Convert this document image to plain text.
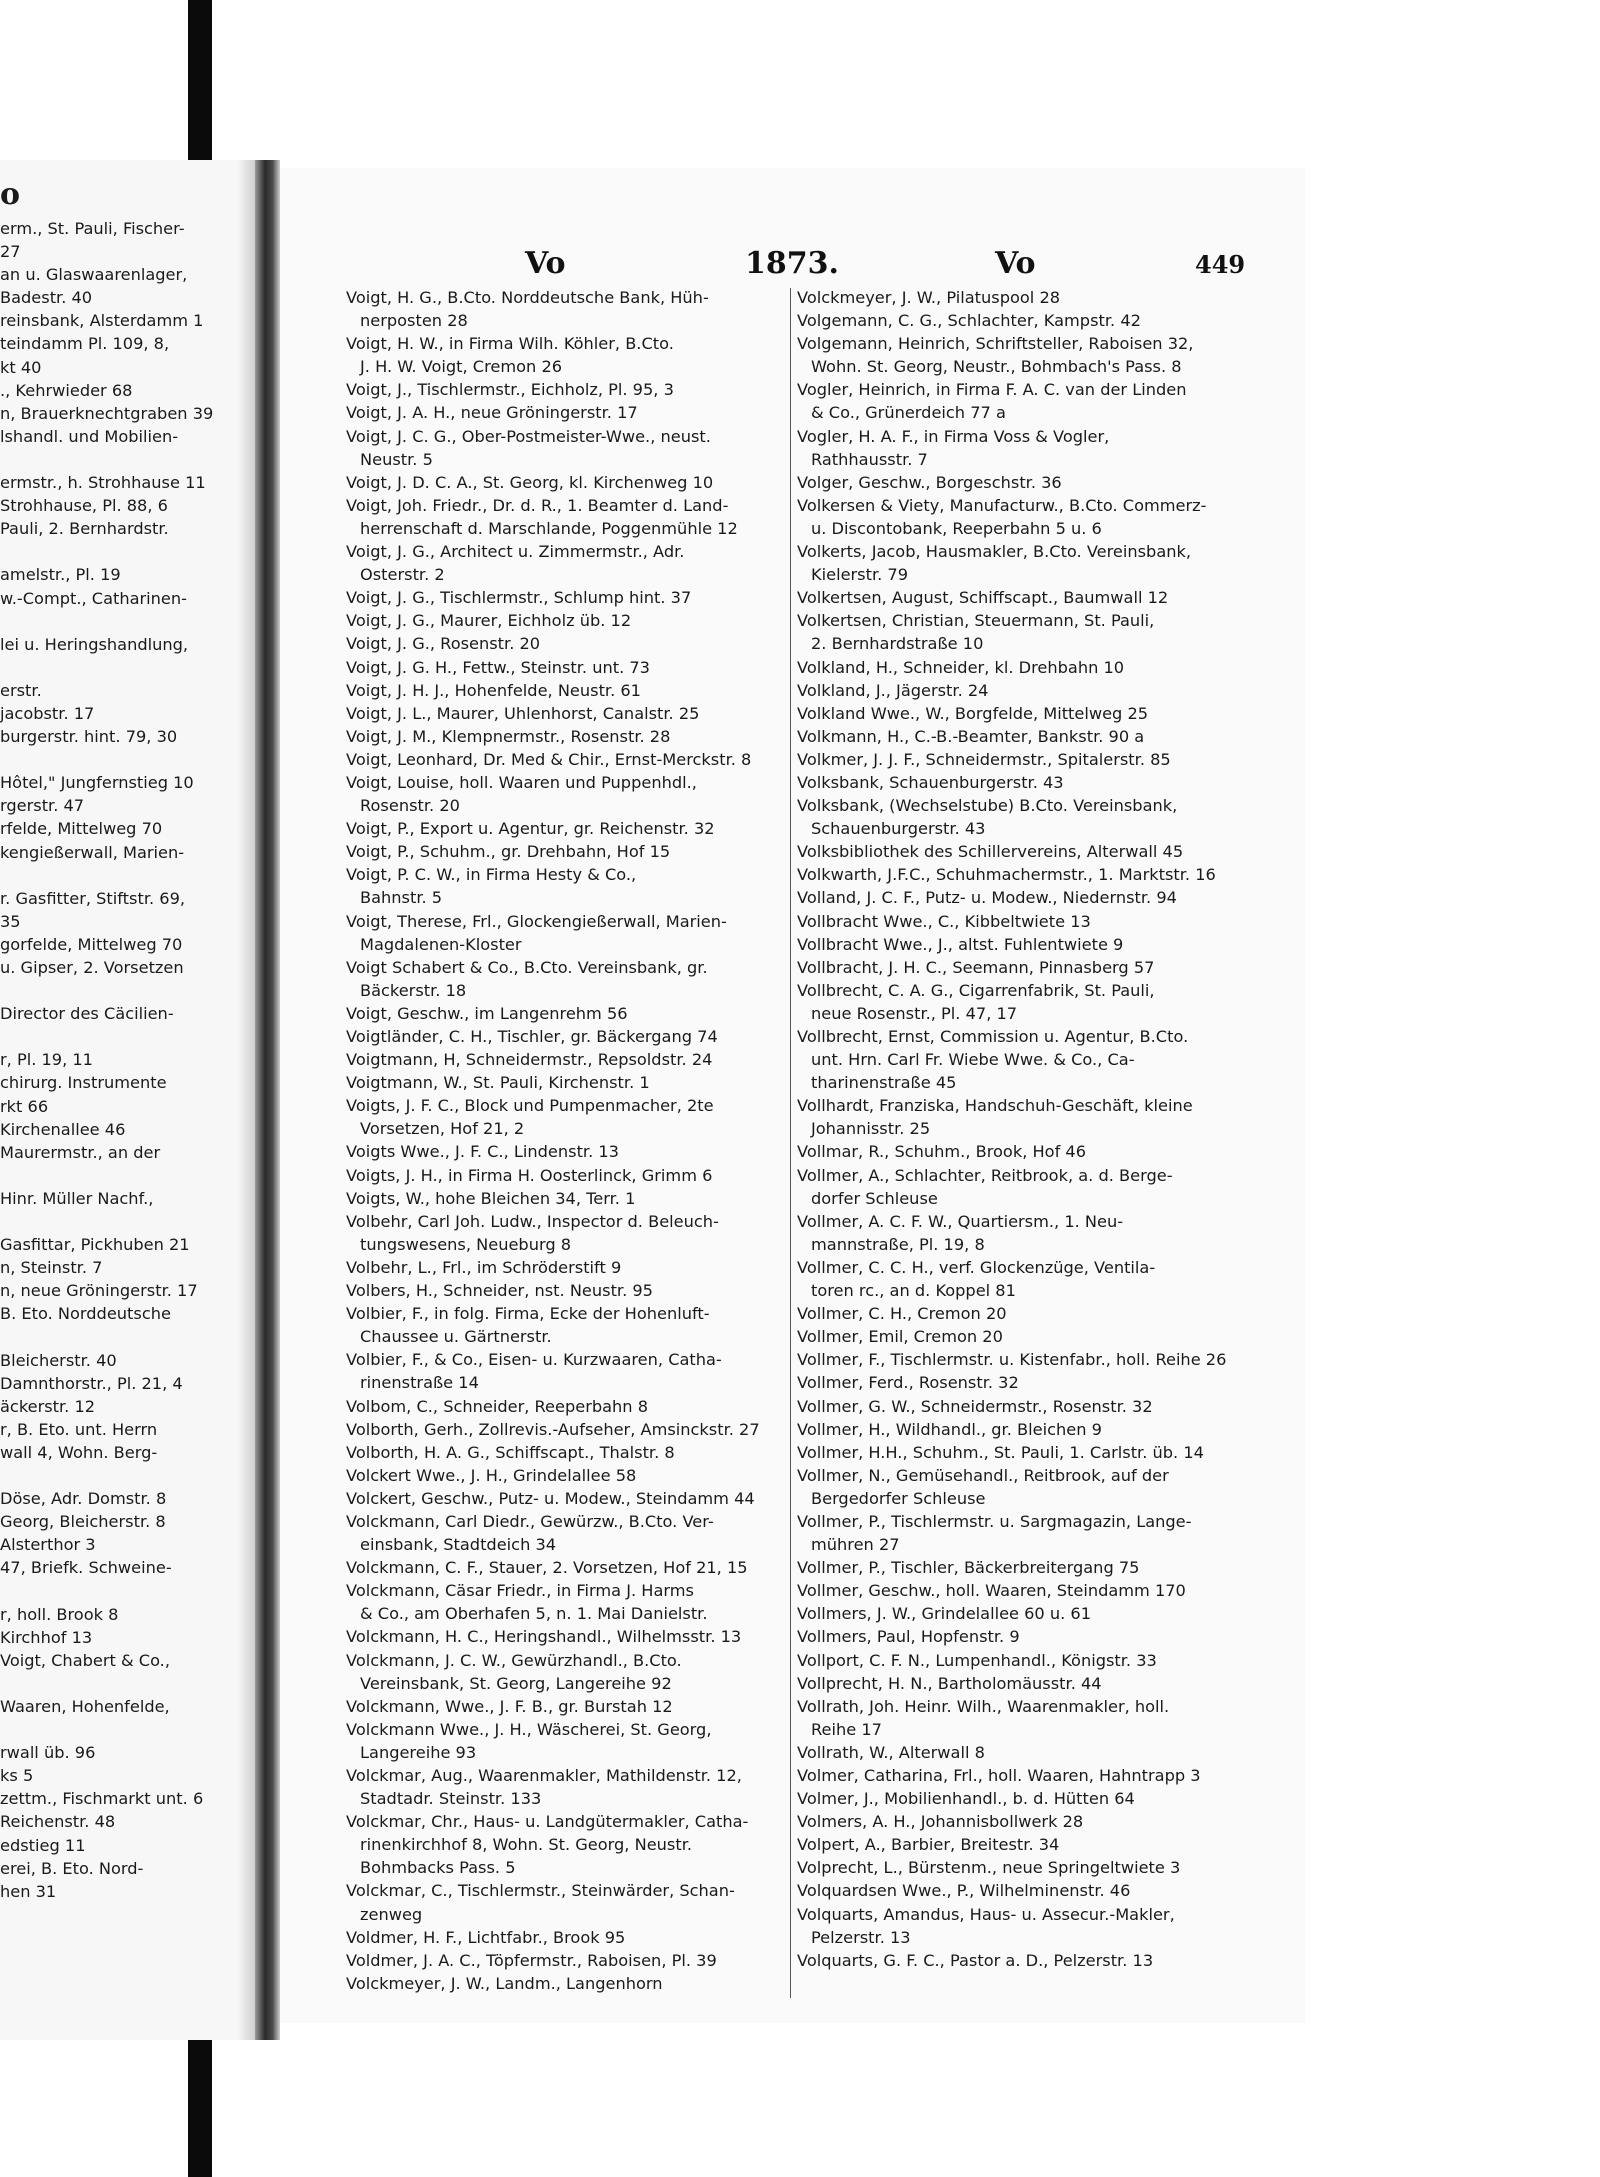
o
erm., St. Pauli, Fischer-
27
an u. Glaswaarenlager,
Badestr. 40
reinsbank, Alsterdamm 1
teindamm Pl. 109, 8,
kt 40
., Kehrwieder 68
n, Brauerknechtgraben 39
lshandl. und Mobilien-
ermstr., h. Strohhause 11
Strohhause, Pl. 88, 6
Pauli, 2. Bernhardstr.
amelstr., Pl. 19
w.-Compt., Catharinen-
lei u. Heringshandlung,
erstr.
jacobstr. 17
burgerstr. hint. 79, 30
Hôtel," Jungfernstieg 10
rgerstr. 47
rfelde, Mittelweg 70
kengießerwall, Marien-
r. Gasfitter, Stiftstr. 69,
35
gorfelde, Mittelweg 70
u. Gipser, 2. Vorsetzen
Director des Cäcilien-
r, Pl. 19, 11
chirurg. Instrumente
rkt 66
Kirchenallee 46
Maurermstr., an der
Hinr. Müller Nachf.,
Gasfittar, Pickhuben 21
n, Steinstr. 7
n, neue Gröningerstr. 17
B. Eto. Norddeutsche
Bleicherstr. 40
Damnthorstr., Pl. 21, 4
äckerstr. 12
r, B. Eto. unt. Herrn
wall 4, Wohn. Berg-
Döse, Adr. Domstr. 8
Georg, Bleicherstr. 8
Alsterthor 3
47, Briefk. Schweine-
r, holl. Brook 8
Kirchhof 13
Voigt, Chabert & Co.,
Waaren, Hohenfelde,
rwall üb. 96
ks 5
zettm., Fischmarkt unt. 6
Reichenstr. 48
edstieg 11
erei, B. Eto. Nord-
hen 31
Vo	1873.	Vo	449
Voigt, H. G., B.Cto. Norddeutsche Bank, Hüh-
nerposten 28
Voigt, H. W., in Firma Wilh. Köhler, B.Cto.
J. H. W. Voigt, Cremon 26
Voigt, J., Tischlermstr., Eichholz, Pl. 95, 3
Voigt, J. A. H., neue Gröningerstr. 17
Voigt, J. C. G., Ober-Postmeister-Wwe., neust.
Neustr. 5
Voigt, J. D. C. A., St. Georg, kl. Kirchenweg 10
Voigt, Joh. Friedr., Dr. d. R., 1. Beamter d. Land-
herrenschaft d. Marschlande, Poggenmühle 12
Voigt, J. G., Architect u. Zimmermstr., Adr.
Osterstr. 2
Voigt, J. G., Tischlermstr., Schlump hint. 37
Voigt, J. G., Maurer, Eichholz üb. 12
Voigt, J. G., Rosenstr. 20
Voigt, J. G. H., Fettw., Steinstr. unt. 73
Voigt, J. H. J., Hohenfelde, Neustr. 61
Voigt, J. L., Maurer, Uhlenhorst, Canalstr. 25
Voigt, J. M., Klempnermstr., Rosenstr. 28
Voigt, Leonhard, Dr. Med & Chir., Ernst-Merckstr. 8
Voigt, Louise, holl. Waaren und Puppenhdl.,
Rosenstr. 20
Voigt, P., Export u. Agentur, gr. Reichenstr. 32
Voigt, P., Schuhm., gr. Drehbahn, Hof 15
Voigt, P. C. W., in Firma Hesty & Co.,
Bahnstr. 5
Voigt, Therese, Frl., Glockengießerwall, Marien-
Magdalenen-Kloster
Voigt Schabert & Co., B.Cto. Vereinsbank, gr.
Bäckerstr. 18
Voigt, Geschw., im Langenrehm 56
Voigtländer, C. H., Tischler, gr. Bäckergang 74
Voigtmann, H, Schneidermstr., Repsoldstr. 24
Voigtmann, W., St. Pauli, Kirchenstr. 1
Voigts, J. F. C., Block und Pumpenmacher, 2te
Vorsetzen, Hof 21, 2
Voigts Wwe., J. F. C., Lindenstr. 13
Voigts, J. H., in Firma H. Oosterlinck, Grimm 6
Voigts, W., hohe Bleichen 34, Terr. 1
Volbehr, Carl Joh. Ludw., Inspector d. Beleuch-
tungswesens, Neueburg 8
Volbehr, L., Frl., im Schröderstift 9
Volbers, H., Schneider, nst. Neustr. 95
Volbier, F., in folg. Firma, Ecke der Hohenluft-
Chaussee u. Gärtnerstr.
Volbier, F., & Co., Eisen- u. Kurzwaaren, Catha-
rinenstraße 14
Volbom, C., Schneider, Reeperbahn 8
Volborth, Gerh., Zollrevis.-Aufseher, Amsinckstr. 27
Volborth, H. A. G., Schiffscapt., Thalstr. 8
Volckert Wwe., J. H., Grindelallee 58
Volckert, Geschw., Putz- u. Modew., Steindamm 44
Volckmann, Carl Diedr., Gewürzw., B.Cto. Ver-
einsbank, Stadtdeich 34
Volckmann, C. F., Stauer, 2. Vorsetzen, Hof 21, 15
Volckmann, Cäsar Friedr., in Firma J. Harms
& Co., am Oberhafen 5, n. 1. Mai Danielstr.
Volckmann, H. C., Heringshandl., Wilhelmsstr. 13
Volckmann, J. C. W., Gewürzhandl., B.Cto.
Vereinsbank, St. Georg, Langereihe 92
Volckmann, Wwe., J. F. B., gr. Burstah 12
Volckmann Wwe., J. H., Wäscherei, St. Georg,
Langereihe 93
Volckmar, Aug., Waarenmakler, Mathildenstr. 12,
Stadtadr. Steinstr. 133
Volckmar, Chr., Haus- u. Landgütermakler, Catha-
rinenkirchhof 8, Wohn. St. Georg, Neustr.
Bohmbacks Pass. 5
Volckmar, C., Tischlermstr., Steinwärder, Schan-
zenweg
Voldmer, H. F., Lichtfabr., Brook 95
Voldmer, J. A. C., Töpfermstr., Raboisen, Pl. 39
Volckmeyer, J. W., Landm., Langenhorn
Volckmeyer, J. W., Pilatuspool 28
Volgemann, C. G., Schlachter, Kampstr. 42
Volgemann, Heinrich, Schriftsteller, Raboisen 32,
Wohn. St. Georg, Neustr., Bohmbach's Pass. 8
Vogler, Heinrich, in Firma F. A. C. van der Linden
& Co., Grünerdeich 77 a
Vogler, H. A. F., in Firma Voss & Vogler,
Rathhausstr. 7
Volger, Geschw., Borgeschstr. 36
Volkersen & Viety, Manufacturw., B.Cto. Commerz-
u. Discontobank, Reeperbahn 5 u. 6
Volkerts, Jacob, Hausmakler, B.Cto. Vereinsbank,
Kielerstr. 79
Volkertsen, August, Schiffscapt., Baumwall 12
Volkertsen, Christian, Steuermann, St. Pauli,
2. Bernhardstraße 10
Volkland, H., Schneider, kl. Drehbahn 10
Volkland, J., Jägerstr. 24
Volkland Wwe., W., Borgfelde, Mittelweg 25
Volkmann, H., C.-B.-Beamter, Bankstr. 90 a
Volkmer, J. J. F., Schneidermstr., Spitalerstr. 85
Volksbank, Schauenburgerstr. 43
Volksbank, (Wechselstube) B.Cto. Vereinsbank,
Schauenburgerstr. 43
Volksbibliothek des Schillervereins, Alterwall 45
Volkwarth, J.F.C., Schuhmachermstr., 1. Marktstr. 16
Volland, J. C. F., Putz- u. Modew., Niedernstr. 94
Vollbracht Wwe., C., Kibbeltwiete 13
Vollbracht Wwe., J., altst. Fuhlentwiete 9
Vollbracht, J. H. C., Seemann, Pinnasberg 57
Vollbrecht, C. A. G., Cigarrenfabrik, St. Pauli,
neue Rosenstr., Pl. 47, 17
Vollbrecht, Ernst, Commission u. Agentur, B.Cto.
unt. Hrn. Carl Fr. Wiebe Wwe. & Co., Ca-
tharinenstraße 45
Vollhardt, Franziska, Handschuh-Geschäft, kleine
Johannisstr. 25
Vollmar, R., Schuhm., Brook, Hof 46
Vollmer, A., Schlachter, Reitbrook, a. d. Berge-
dorfer Schleuse
Vollmer, A. C. F. W., Quartiersm., 1. Neu-
mannstraße, Pl. 19, 8
Vollmer, C. C. H., verf. Glockenzüge, Ventila-
toren rc., an d. Koppel 81
Vollmer, C. H., Cremon 20
Vollmer, Emil, Cremon 20
Vollmer, F., Tischlermstr. u. Kistenfabr., holl. Reihe 26
Vollmer, Ferd., Rosenstr. 32
Vollmer, G. W., Schneidermstr., Rosenstr. 32
Vollmer, H., Wildhandl., gr. Bleichen 9
Vollmer, H.H., Schuhm., St. Pauli, 1. Carlstr. üb. 14
Vollmer, N., Gemüsehandl., Reitbrook, auf der
Bergedorfer Schleuse
Vollmer, P., Tischlermstr. u. Sargmagazin, Lange-
mühren 27
Vollmer, P., Tischler, Bäckerbreitergang 75
Vollmer, Geschw., holl. Waaren, Steindamm 170
Vollmers, J. W., Grindelallee 60 u. 61
Vollmers, Paul, Hopfenstr. 9
Vollport, C. F. N., Lumpenhandl., Königstr. 33
Vollprecht, H. N., Bartholomäusstr. 44
Vollrath, Joh. Heinr. Wilh., Waarenmakler, holl.
Reihe 17
Vollrath, W., Alterwall 8
Volmer, Catharina, Frl., holl. Waaren, Hahntrapp 3
Volmer, J., Mobilienhandl., b. d. Hütten 64
Volmers, A. H., Johannisbollwerk 28
Volpert, A., Barbier, Breitestr. 34
Volprecht, L., Bürstenm., neue Springeltwiete 3
Volquardsen Wwe., P., Wilhelminenstr. 46
Volquarts, Amandus, Haus- u. Assecur.-Makler,
Pelzerstr. 13
Volquarts, G. F. C., Pastor a. D., Pelzerstr. 13
